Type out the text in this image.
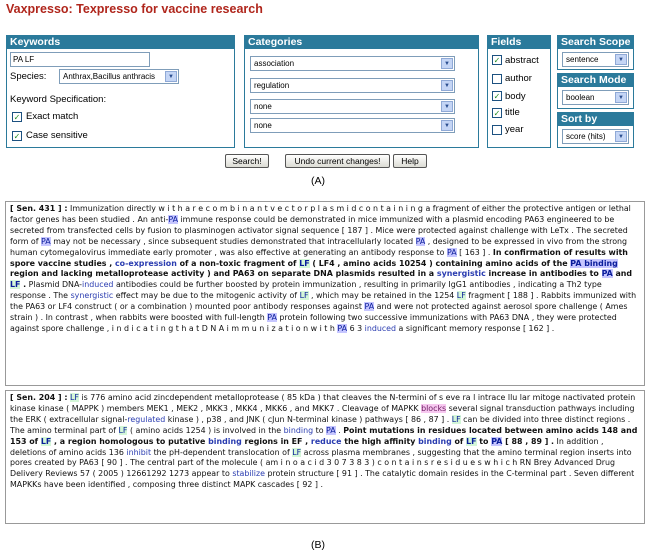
Vaxpresso: Texpresso for vaccine research
Keywords
PA LF
Species:	Anthrax,Bacillus anthracis	▼
Keyword Specification:
✓ Exact match
✓ Case sensitive
Categories
association	▼
regulation	▼
none	▼
none	▼
Fields
✓ abstract
author
✓ body
✓ title
year
Search Scope
sentence	▼
Search Mode
boolean	▼
Sort by
score (hits)	▼
Search!	Undo current changes!	Help
(A)
[ Sen. 431 ] : Immunization directly w i t h a r e c o m b i n a n t v e c t o r p l a s m i d c o n t a i n i n g a fragment of either the protective antigen or lethal factor genes has been studied . An anti-PA immune response could be demonstrated in mice immunized with a plasmid encoding PA63 engineered to be secreted from transfected cells by fusion to plasminogen activator signal sequence [ 187 ] . Mice were protected against challenge with LeTx . The secreted form of PA may not be necessary , since subsequent studies demonstrated that intracellularly located PA , designed to be expressed in vivo from the strong human cytomegalovirus immediate early promoter , was also effective at generating an antibody response to PA [ 163 ] . In confirmation of results with spore vaccine studies , co-expression of a non-toxic fragment of LF ( LF4 , amino acids 10254 ) containing amino acids of the PA binding region and lacking metalloprotease activity ) and PA63 on separate DNA plasmids resulted in a synergistic increase in antibodies to PA and LF . Plasmid DNA-induced antibodies could be further boosted by protein immunization , resulting in primarily IgG1 antibodies , indicating a Th2 type response . The synergistic effect may be due to the mitogenic activity of LF , which may be retained in the 1254 LF fragment [ 188 ] . Rabbits immunized with the PA63 or LF4 construct ( or a combination ) mounted poor antibody responses against PA and were not protected against aerosol spore challenge ( Ames strain ) . In contrast , when rabbits were boosted with full-length PA protein following two successive immunizations with PA63 DNA , they were protected against spore challenge , i n d i c a t i n g t h a t D N A i m m u n i z a t i o n w i t h PA 6 3 induced a significant memory response [ 162 ] .
[ Sen. 204 ] : LF is 776 amino acid zincdependent metalloprotease ( 85 kDa ) that cleaves the N-termini of s eve ra l intrace llu lar mitoge nactivated protein kinase kinase ( MAPPK ) members MEK1 , MEK2 , MKK3 , MKK4 , MKK6 , and MKK7 . Cleavage of MAPKK blocks several signal transduction pathways including the ERK ( extracellular signal-regulated kinase ) , p38 , and JNK ( cJun N-terminal kinase ) pathways [ 86 , 87 ] . LF can be divided into three distinct regions . The amino terminal part of LF ( amino acids 1254 ) is involved in the binding to PA . Point mutations in residues located between amino acids 148 and 153 of LF , a region homologous to putative binding regions in EF , reduce the high affinity binding of LF to PA [ 88 , 89 ] . In addition , deletions of amino acids 136 inhibit the pH-dependent translocation of LF across plasma membranes , suggesting that the amino terminal region inserts into pores created by PA63 [ 90 ] . The central part of the molecule ( am i n o a c i d 3 0 7 3 8 3 ) c o n t a i n s r e s i d u e s w h i c h RN Brey Advanced Drug Delivery Reviews 57 ( 2005 ) 12661292 1273 appear to stabilize protein structure [ 91 ] . The catalytic domain resides in the C-terminal part . Seven different MAPKKs have been identified , composing three distinct MAPK cascades [ 92 ] .
(B)
